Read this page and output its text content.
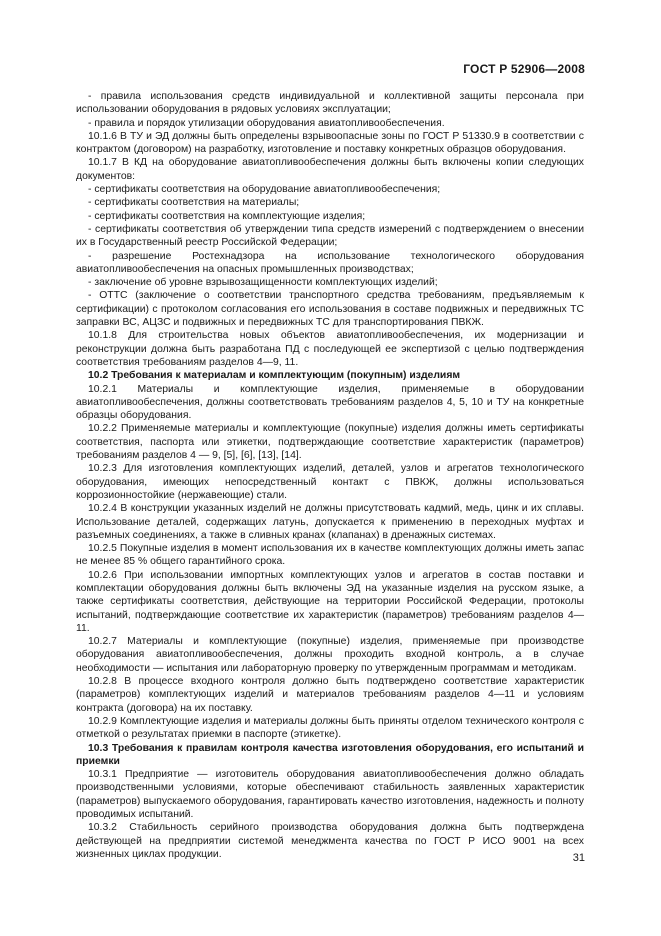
ГОСТ Р 52906—2008

- правила использования средств индивидуальной и коллективной защиты персонала при использовании оборудования в рядовых условиях эксплуатации;

- правила и порядок утилизации оборудования авиатопливообеспечения.

10.1.6 В ТУ и ЭД должны быть определены взрывоопасные зоны по ГОСТ Р 51330.9 в соответствии с контрактом (договором) на разработку, изготовление и поставку конкретных образцов оборудования.

10.1.7 В КД на оборудование авиатопливообеспечения должны быть включены копии следующих документов:

- сертификаты соответствия на оборудование авиатопливообеспечения;

- сертификаты соответствия на материалы;

- сертификаты соответствия на комплектующие изделия;

- сертификаты соответствия об утверждении типа средств измерений с подтверждением о внесении их в Государственный реестр Российской Федерации;

- разрешение Ростехнадзора на использование технологического оборудования авиатопливообеспечения на опасных промышленных производствах;

- заключение об уровне взрывозащищенности комплектующих изделий;

- ОТТС (заключение о соответствии транспортного средства требованиям, предъявляемым к сертификации) с протоколом согласования его использования в составе подвижных и передвижных ТС заправки ВС, АЦЗС и подвижных и передвижных ТС для транспортирования ПВКЖ.

10.1.8 Для строительства новых объектов авиатопливообеспечения, их модернизации и реконструкции должна быть разработана ПД с последующей ее экспертизой с целью подтверждения соответствия требованиям разделов 4—9, 11.

10.2 Требования к материалам и комплектующим (покупным) изделиям

10.2.1 Материалы и комплектующие изделия, применяемые в оборудовании авиатопливообеспечения, должны соответствовать требованиям разделов 4, 5, 10 и ТУ на конкретные образцы оборудования.

10.2.2 Применяемые материалы и комплектующие (покупные) изделия должны иметь сертификаты соответствия, паспорта или этикетки, подтверждающие соответствие характеристик (параметров) требованиям разделов 4 — 9, [5], [6], [13], [14].

10.2.3 Для изготовления комплектующих изделий, деталей, узлов и агрегатов технологического оборудования, имеющих непосредственный контакт с ПВКЖ, должны использоваться коррозионностойкие (нержавеющие) стали.

10.2.4 В конструкции указанных изделий не должны присутствовать кадмий, медь, цинк и их сплавы. Использование деталей, содержащих латунь, допускается к применению в переходных муфтах и разъемных соединениях, а также в сливных кранах (клапанах) в дренажных системах.

10.2.5 Покупные изделия в момент использования их в качестве комплектующих должны иметь запас не менее 85 % общего гарантийного срока.

10.2.6 При использовании импортных комплектующих узлов и агрегатов в состав поставки и комплектации оборудования должны быть включены ЭД на указанные изделия на русском языке, а также сертификаты соответствия, действующие на территории Российской Федерации, протоколы испытаний, подтверждающие соответствие их характеристик (параметров) требованиям разделов 4—11.

10.2.7 Материалы и комплектующие (покупные) изделия, применяемые при производстве оборудования авиатопливообеспечения, должны проходить входной контроль, а в случае необходимости — испытания или лабораторную проверку по утвержденным программам и методикам.

10.2.8 В процессе входного контроля должно быть подтверждено соответствие характеристик (параметров) комплектующих изделий и материалов требованиям разделов 4—11 и условиям контракта (договора) на их поставку.

10.2.9 Комплектующие изделия и материалы должны быть приняты отделом технического контроля с отметкой о результатах приемки в паспорте (этикетке).

10.3 Требования к правилам контроля качества изготовления оборудования, его испытаний и приемки

10.3.1 Предприятие — изготовитель оборудования авиатопливообеспечения должно обладать производственными условиями, которые обеспечивают стабильность заявленных характеристик (параметров) выпускаемого оборудования, гарантировать качество изготовления, надежность и полноту проводимых испытаний.

10.3.2 Стабильность серийного производства оборудования должна быть подтверждена действующей на предприятии системой менеджмента качества по ГОСТ Р ИСО 9001 на всех жизненных циклах продукции.	31
